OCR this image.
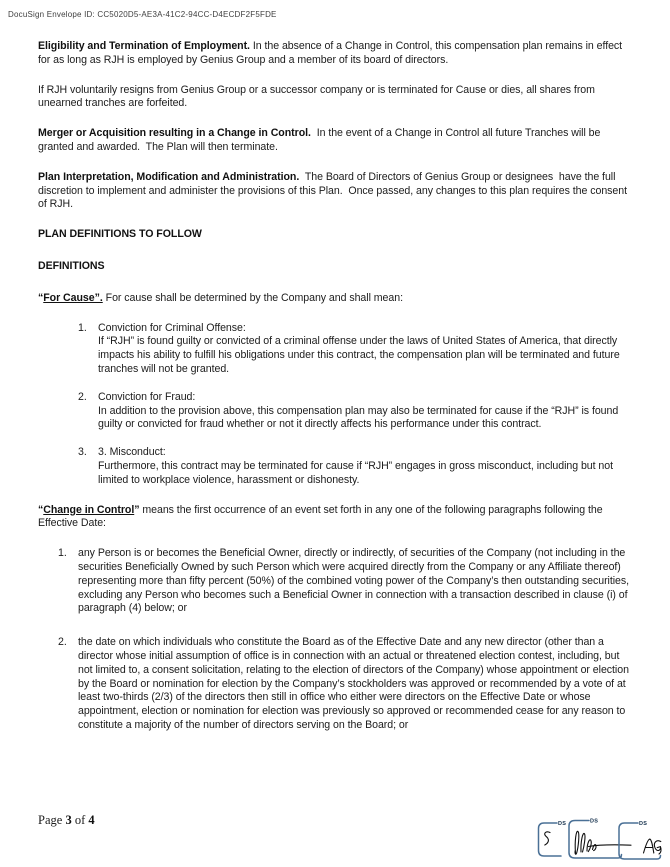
DocuSign Envelope ID: CC5020D5-AE3A-41C2-94CC-D4ECDF2F5FDE

Eligibility and Termination of Employment. In the absence of a Change in Control, this compensation plan remains in effect for as long as RJH is employed by Genius Group and a member of its board of directors.

If RJH voluntarily resigns from Genius Group or a successor company or is terminated for Cause or dies, all shares from unearned tranches are forfeited.

Merger or Acquisition resulting in a Change in Control.  In the event of a Change in Control all future Tranches will be granted and awarded.  The Plan will then terminate.

Plan Interpretation, Modification and Administration.  The Board of Directors of Genius Group or designees  have the full discretion to implement and administer the provisions of this Plan.  Once passed, any changes to this plan requires the consent of RJH.

PLAN DEFINITIONS TO FOLLOW

DEFINITIONS

“For Cause”. For cause shall be determined by the Company and shall mean:

1.	Conviction for Criminal Offense:
If “RJH” is found guilty or convicted of a criminal offense under the laws of United States of America, that directly impacts his ability to fulfill his obligations under this contract, the compensation plan will be terminated and future tranches will not be granted.
2.	Conviction for Fraud:
In addition to the provision above, this compensation plan may also be terminated for cause if the “RJH” is found guilty or convicted for fraud whether or not it directly affects his performance under this contract.
3.	3. Misconduct:
Furthermore, this contract may be terminated for cause if “RJH” engages in gross misconduct, including but not limited to workplace violence, harassment or dishonesty.

“Change in Control” means the first occurrence of an event set forth in any one of the following paragraphs following the Effective Date:

1.	any Person is or becomes the Beneficial Owner, directly or indirectly, of securities of the Company (not including in the securities Beneficially Owned by such Person which were acquired directly from the Company or any Affiliate thereof) representing more than fifty percent (50%) of the combined voting power of the Company’s then outstanding securities, excluding any Person who becomes such a Beneficial Owner in connection with a transaction described in clause (i) of paragraph (4) below; or
2.	the date on which individuals who constitute the Board as of the Effective Date and any new director (other than a director whose initial assumption of office is in connection with an actual or threatened election contest, including, but not limited to, a consent solicitation, relating to the election of directors of the Company) whose appointment or election by the Board or nomination for election by the Company’s stockholders was approved or recommended by a vote of at least two-thirds (2/3) of the directors then still in office who either were directors on the Effective Date or whose appointment, election or nomination for election was previously so approved or recommended cease for any reason to constitute a majority of the number of directors serving on the Board; or
Page 3 of 4	DS	DS	DS
